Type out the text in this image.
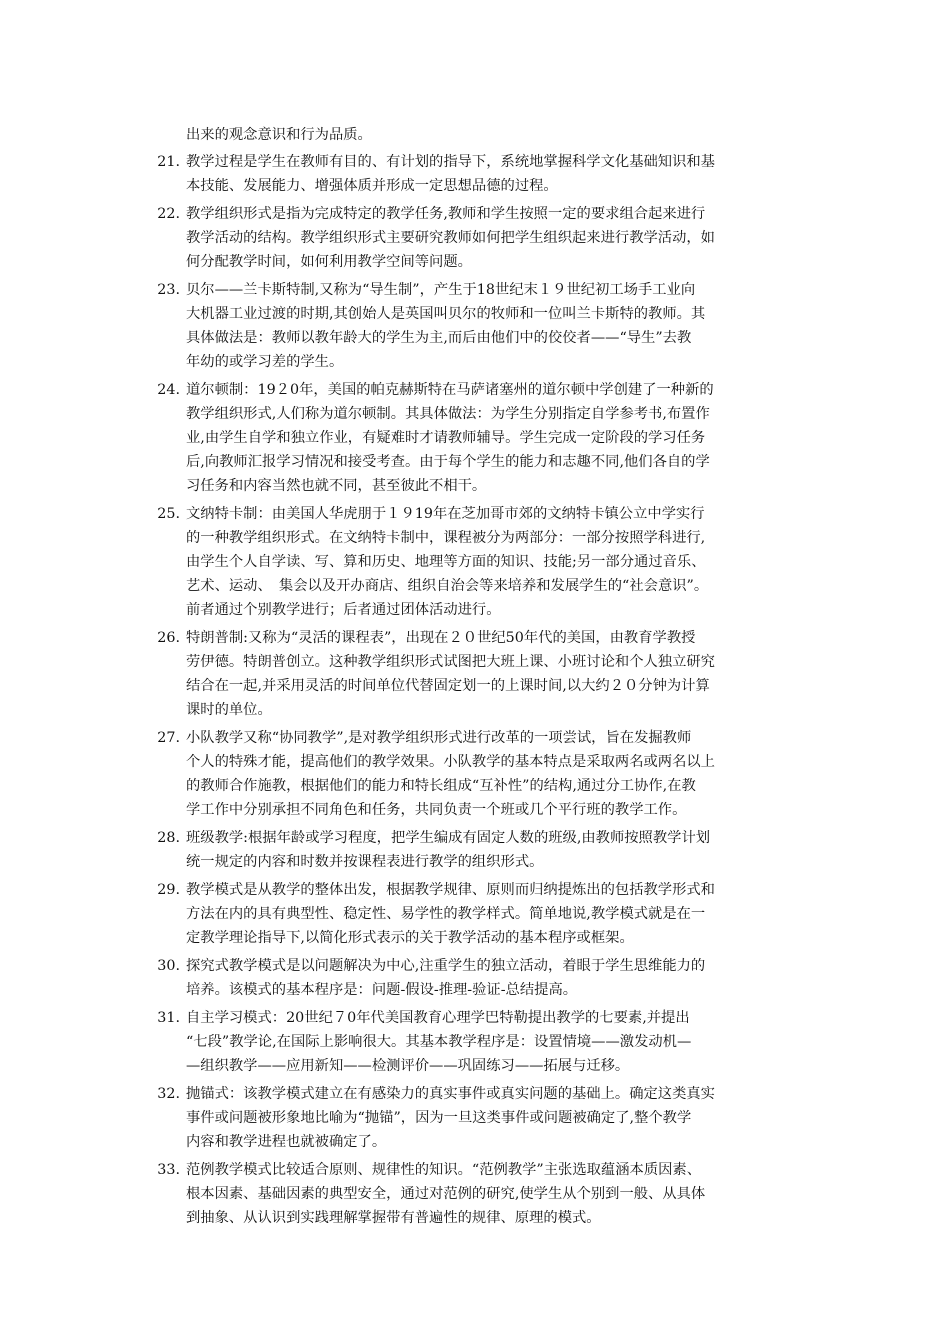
出来的观念意识和行为品质。
21. 教学过程是学生在教师有目的、有计划的指导下，系统地掌握科学文化基础知识和基
本技能、发展能力、增强体质并形成一定思想品德的过程。
22. 教学组织形式是指为完成特定的教学任务,教师和学生按照一定的要求组合起来进行
教学活动的结构。教学组织形式主要研究教师如何把学生组织起来进行教学活动，如
何分配教学时间，如何利用教学空间等问题。
23. 贝尔——兰卡斯特制,又称为“导生制”，产生于18世纪末１９世纪初工场手工业向
大机器工业过渡的时期,其创始人是英国叫贝尔的牧师和一位叫兰卡斯特的教师。其
具体做法是：教师以教年龄大的学生为主,而后由他们中的佼佼者——“导生”去教
年幼的或学习差的学生。
24. 道尔顿制：19２0年，美国的帕克赫斯特在马萨诸塞州的道尔顿中学创建了一种新的
教学组织形式,人们称为道尔顿制。其具体做法：为学生分别指定自学参考书,布置作
业,由学生自学和独立作业，有疑难时才请教师辅导。学生完成一定阶段的学习任务
后,向教师汇报学习情况和接受考查。由于每个学生的能力和志趣不同,他们各自的学
习任务和内容当然也就不同，甚至彼此不相干。
25. 文纳特卡制：由美国人华虎朋于１９19年在芝加哥市郊的文纳特卡镇公立中学实行
的一种教学组织形式。在文纳特卡制中，课程被分为两部分：一部分按照学科进行,
由学生个人自学读、写、算和历史、地理等方面的知识、技能;另一部分通过音乐、
艺术、运动、　集会以及开办商店、组织自治会等来培养和发展学生的“社会意识”。
前者通过个别教学进行；后者通过团体活动进行。
26. 特朗普制:又称为“灵活的课程表”，出现在２０世纪50年代的美国，由教育学教授
劳伊德。特朗普创立。这种教学组织形式试图把大班上课、小班讨论和个人独立研究
结合在一起,并采用灵活的时间单位代替固定划一的上课时间,以大约２０分钟为计算
课时的单位。
27. 小队教学又称“协同教学”,是对教学组织形式进行改革的一项尝试，旨在发掘教师
个人的特殊才能，提高他们的教学效果。小队教学的基本特点是采取两名或两名以上
的教师合作施教，根据他们的能力和特长组成“互补性”的结构,通过分工协作,在教
学工作中分别承担不同角色和任务，共同负责一个班或几个平行班的教学工作。
28. 班级教学:根据年龄或学习程度，把学生编成有固定人数的班级,由教师按照教学计划
统一规定的内容和时数并按课程表进行教学的组织形式。
29. 教学模式是从教学的整体出发，根据教学规律、原则而归纳提炼出的包括教学形式和
方法在内的具有典型性、稳定性、易学性的教学样式。简单地说,教学模式就是在一
定教学理论指导下,以简化形式表示的关于教学活动的基本程序或框架。
30. 探究式教学模式是以问题解决为中心,注重学生的独立活动，着眼于学生思维能力的
培养。该模式的基本程序是：问题-假设-推理-验证-总结提高。
31. 自主学习模式：20世纪７0年代美国教育心理学巴特勒提出教学的七要素,并提出
“七段”教学论,在国际上影响很大。其基本教学程序是：设置情境——激发动机—
—组织教学——应用新知——检测评价——巩固练习——拓展与迁移。
32. 抛锚式：该教学模式建立在有感染力的真实事件或真实问题的基础上。确定这类真实
事件或问题被形象地比喻为“抛锚”，因为一旦这类事件或问题被确定了,整个教学
内容和教学进程也就被确定了。
33. 范例教学模式比较适合原则、规律性的知识。“范例教学”主张选取蕴涵本质因素、
根本因素、基础因素的典型安全，通过对范例的研究,使学生从个别到一般、从具体
到抽象、从认识到实践理解掌握带有普遍性的规律、原理的模式。
